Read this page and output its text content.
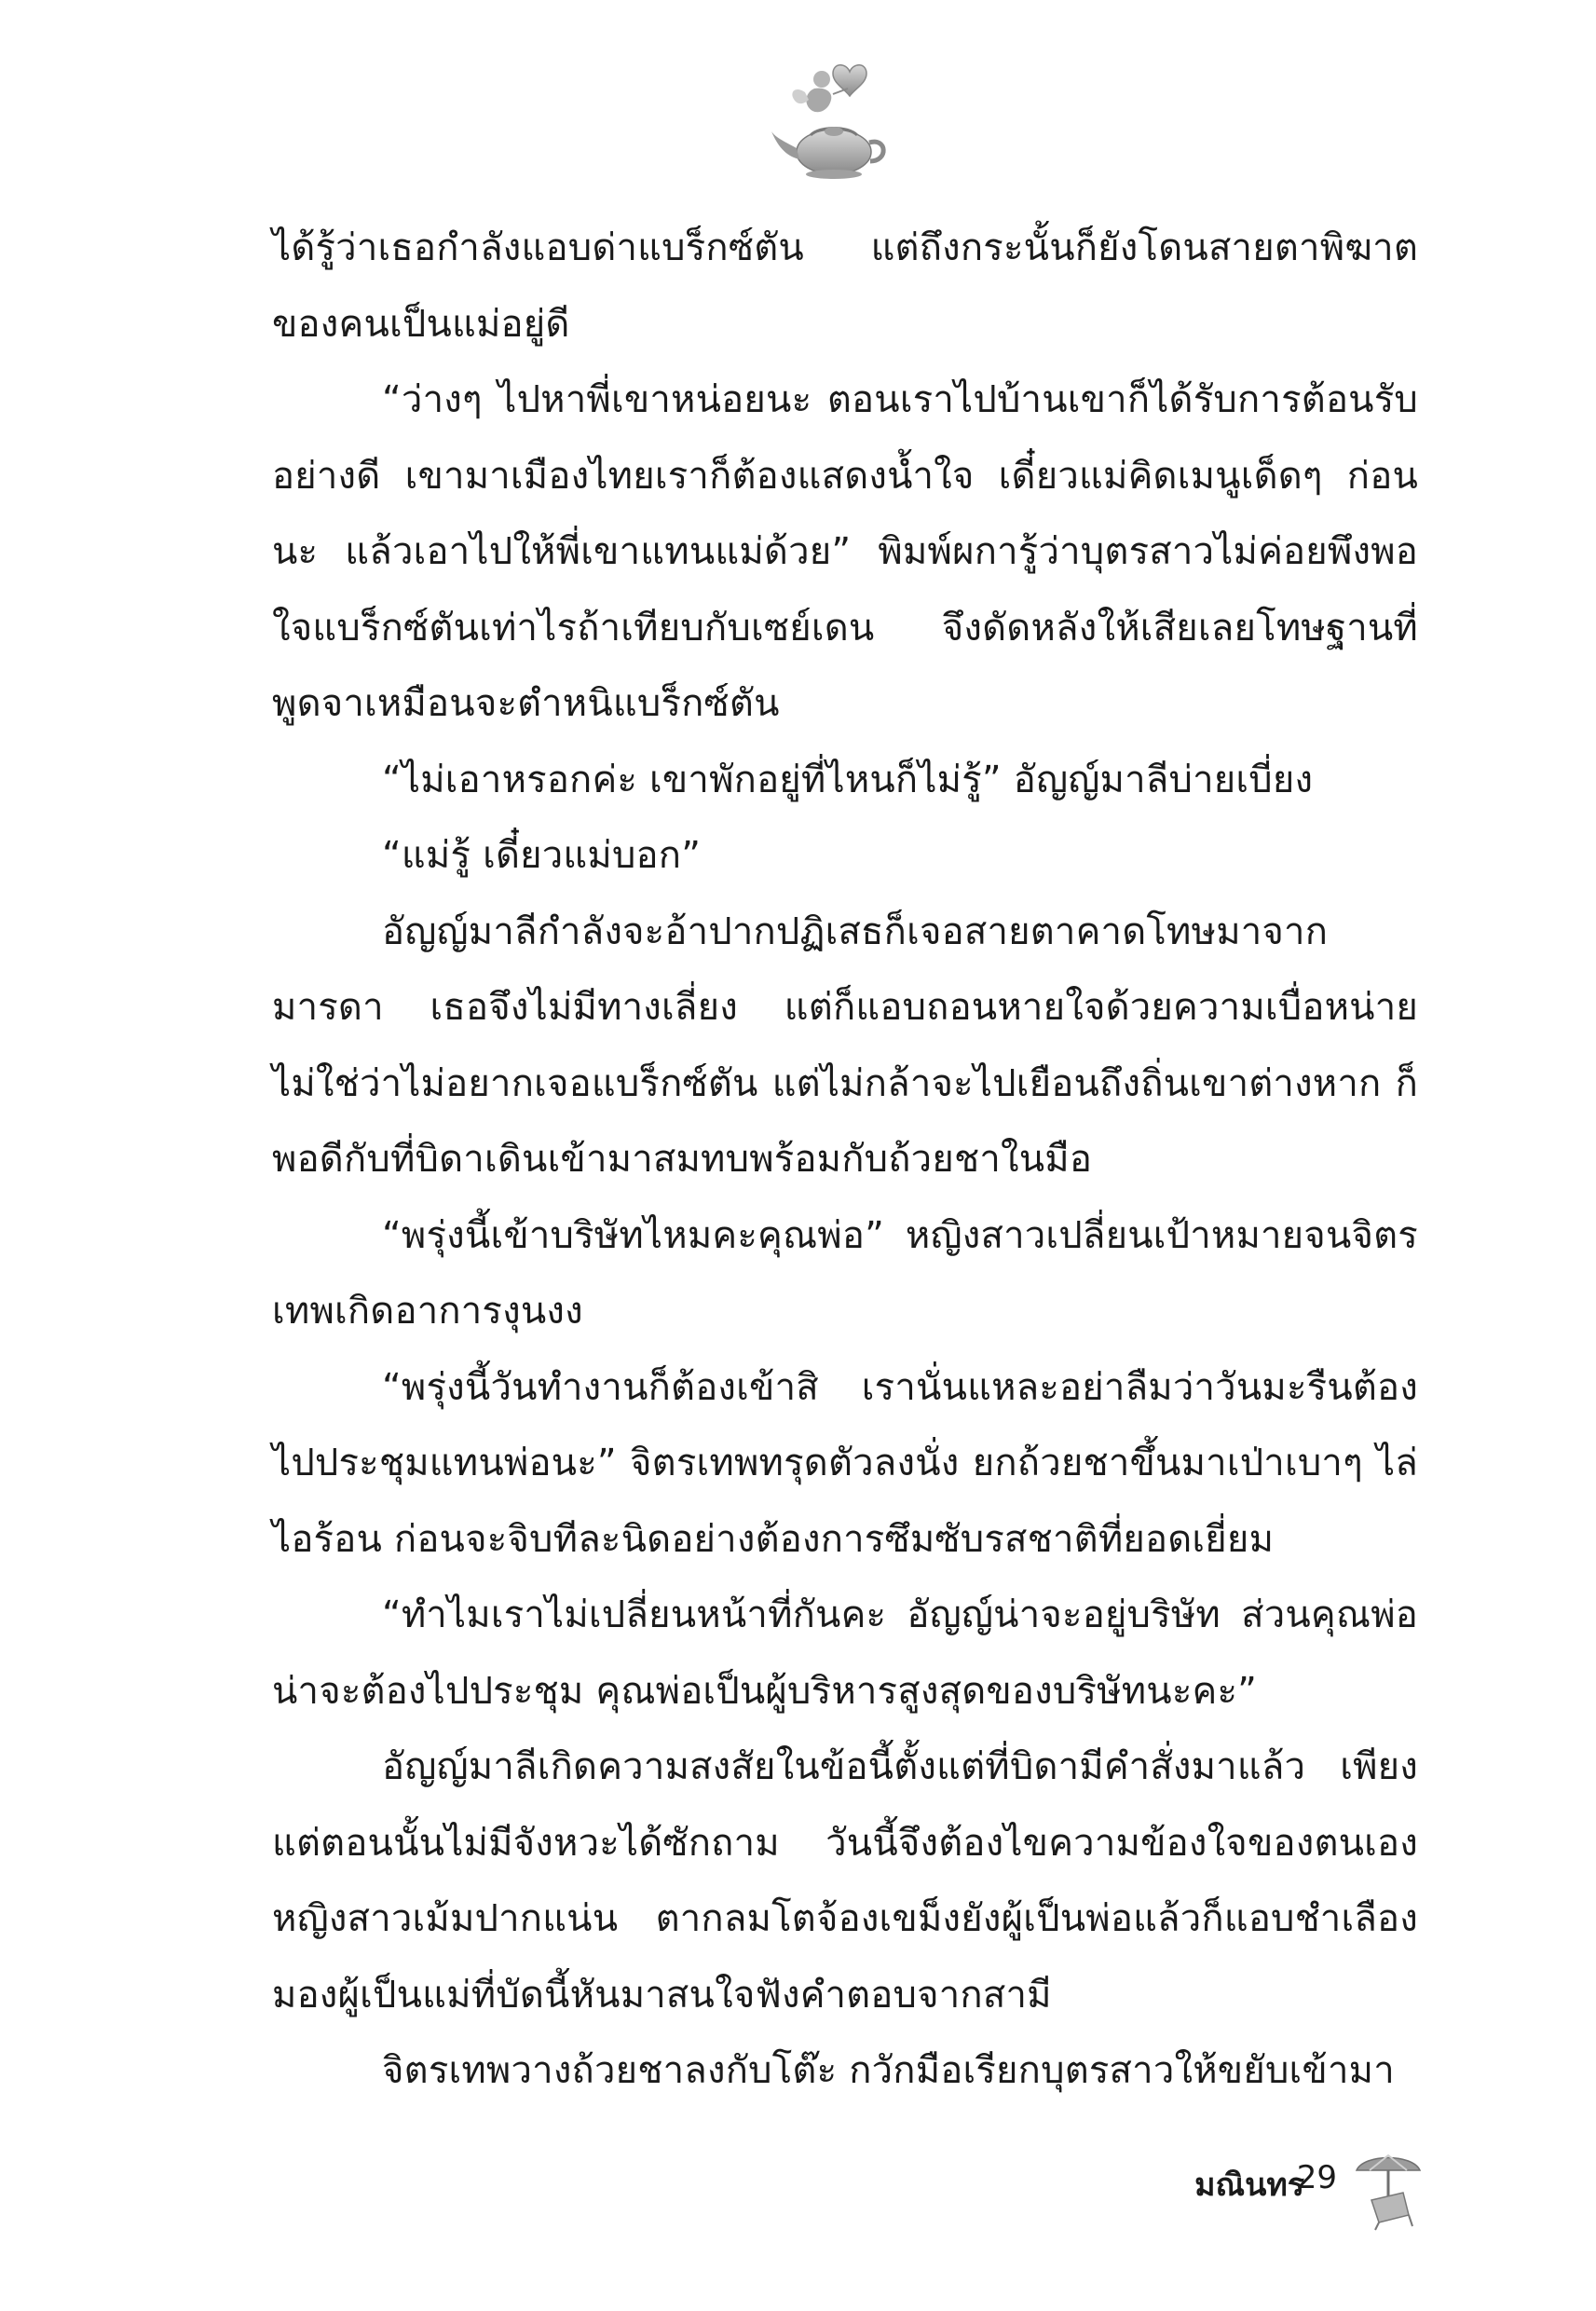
ได้รู้ว่าเธอกำลังแอบด่าแบร็กซ์ตัน แต่ถึงกระนั้นก็ยังโดนสายตาพิฆาตของคนเป็นแม่อยู่ดี

“ว่างๆ ไปหาพี่เขาหน่อยนะ ตอนเราไปบ้านเขาก็ได้รับการต้อนรับอย่างดี เขามาเมืองไทยเราก็ต้องแสดงน้ำใจ เดี๋ยวแม่คิดเมนูเด็ดๆ ก่อนนะ แล้วเอาไปให้พี่เขาแทนแม่ด้วย” พิมพ์ผการู้ว่าบุตรสาวไม่ค่อยพึงพอใจแบร็กซ์ตันเท่าไรถ้าเทียบกับเซย์เดน จึงดัดหลังให้เสียเลยโทษฐานที่พูดจาเหมือนจะตำหนิแบร็กซ์ตัน

“ไม่เอาหรอกค่ะ เขาพักอยู่ที่ไหนก็ไม่รู้” อัญญ์มาลีบ่ายเบี่ยง

“แม่รู้ เดี๋ยวแม่บอก”

อัญญ์มาลีกำลังจะอ้าปากปฏิเสธก็เจอสายตาคาดโทษมาจากมารดา เธอจึงไม่มีทางเลี่ยง แต่ก็แอบถอนหายใจด้วยความเบื่อหน่าย ไม่ใช่ว่าไม่อยากเจอแบร็กซ์ตัน แต่ไม่กล้าจะไปเยือนถึงถิ่นเขาต่างหาก ก็พอดีกับที่บิดาเดินเข้ามาสมทบพร้อมกับถ้วยชาในมือ

“พรุ่งนี้เข้าบริษัทไหมคะคุณพ่อ” หญิงสาวเปลี่ยนเป้าหมายจนจิตรเทพเกิดอาการงุนงง

“พรุ่งนี้วันทำงานก็ต้องเข้าสิ เรานั่นแหละอย่าลืมว่าวันมะรืนต้องไปประชุมแทนพ่อนะ” จิตรเทพทรุดตัวลงนั่ง ยกถ้วยชาขึ้นมาเป่าเบาๆ ไล่ไอร้อน ก่อนจะจิบทีละนิดอย่างต้องการซึมซับรสชาติที่ยอดเยี่ยม

“ทำไมเราไม่เปลี่ยนหน้าที่กันคะ อัญญ์น่าจะอยู่บริษัท ส่วนคุณพ่อน่าจะต้องไปประชุม คุณพ่อเป็นผู้บริหารสูงสุดของบริษัทนะคะ”

อัญญ์มาลีเกิดความสงสัยในข้อนี้ตั้งแต่ที่บิดามีคำสั่งมาแล้ว เพียงแต่ตอนนั้นไม่มีจังหวะได้ซักถาม วันนี้จึงต้องไขความข้องใจของตนเอง หญิงสาวเม้มปากแน่น ตากลมโตจ้องเขม็งยังผู้เป็นพ่อแล้วก็แอบชำเลืองมองผู้เป็นแม่ที่บัดนี้หันมาสนใจฟังคำตอบจากสามี

จิตรเทพวางถ้วยชาลงกับโต๊ะ กวักมือเรียกบุตรสาวให้ขยับเข้ามา

มณินทร
29
